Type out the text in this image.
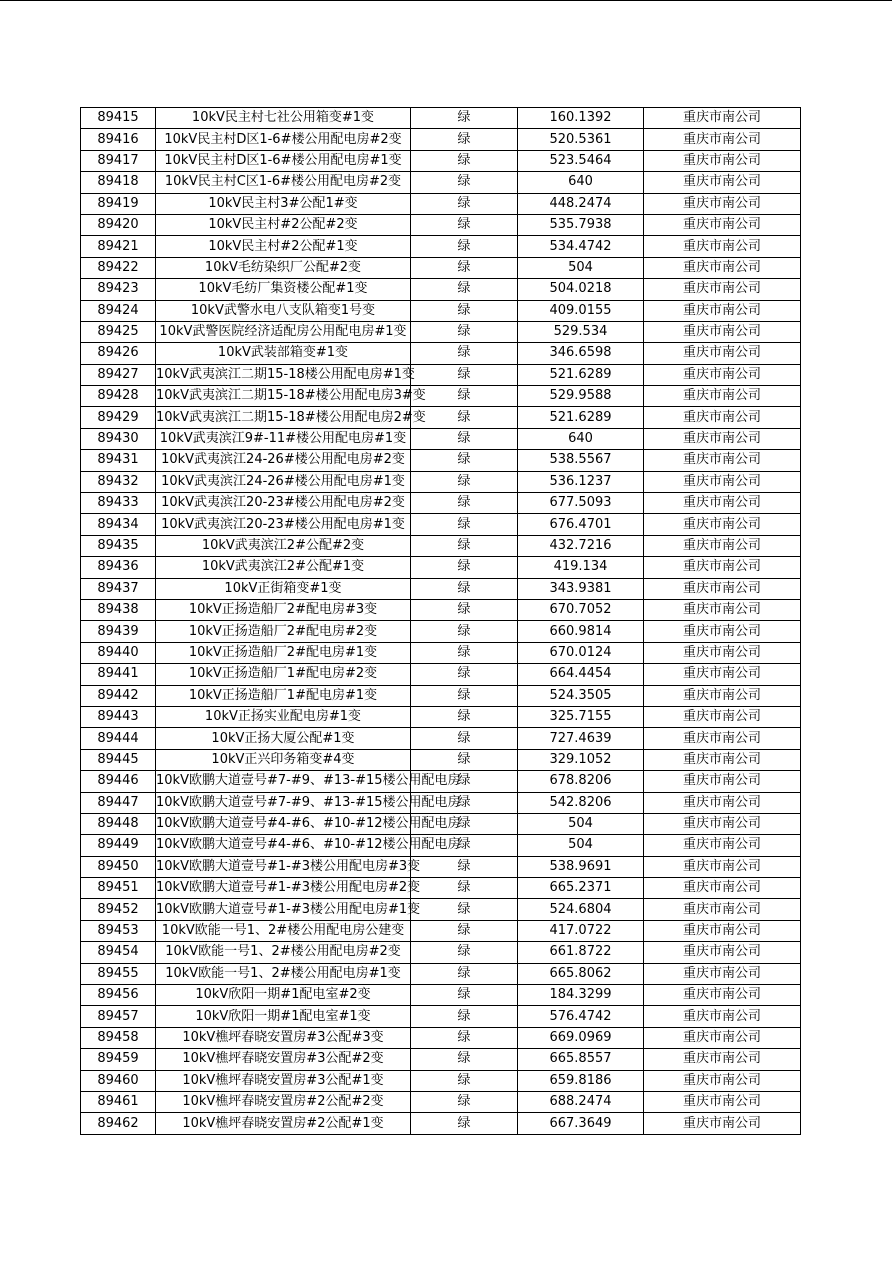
89415	10kV民主村七社公用箱变#1变	绿	160.1392	重庆市南公司
89416	10kV民主村D区1-6#楼公用配电房#2变	绿	520.5361	重庆市南公司
89417	10kV民主村D区1-6#楼公用配电房#1变	绿	523.5464	重庆市南公司
89418	10kV民主村C区1-6#楼公用配电房#2变	绿	640	重庆市南公司
89419	10kV民主村3#公配1#变	绿	448.2474	重庆市南公司
89420	10kV民主村#2公配#2变	绿	535.7938	重庆市南公司
89421	10kV民主村#2公配#1变	绿	534.4742	重庆市南公司
89422	10kV毛纺染织厂公配#2变	绿	504	重庆市南公司
89423	10kV毛纺厂集资楼公配#1变	绿	504.0218	重庆市南公司
89424	10kV武警水电八支队箱变1号变	绿	409.0155	重庆市南公司
89425	10kV武警医院经济适配房公用配电房#1变	绿	529.534	重庆市南公司
89426	10kV武装部箱变#1变	绿	346.6598	重庆市南公司
89427	10kV武夷滨江二期15-18楼公用配电房#1变	绿	521.6289	重庆市南公司
89428	10kV武夷滨江二期15-18#楼公用配电房3#变	绿	529.9588	重庆市南公司
89429	10kV武夷滨江二期15-18#楼公用配电房2#变	绿	521.6289	重庆市南公司
89430	10kV武夷滨江9#-11#楼公用配电房#1变	绿	640	重庆市南公司
89431	10kV武夷滨江24-26#楼公用配电房#2变	绿	538.5567	重庆市南公司
89432	10kV武夷滨江24-26#楼公用配电房#1变	绿	536.1237	重庆市南公司
89433	10kV武夷滨江20-23#楼公用配电房#2变	绿	677.5093	重庆市南公司
89434	10kV武夷滨江20-23#楼公用配电房#1变	绿	676.4701	重庆市南公司
89435	10kV武夷滨江2#公配#2变	绿	432.7216	重庆市南公司
89436	10kV武夷滨江2#公配#1变	绿	419.134	重庆市南公司
89437	10kV正街箱变#1变	绿	343.9381	重庆市南公司
89438	10kV正扬造船厂2#配电房#3变	绿	670.7052	重庆市南公司
89439	10kV正扬造船厂2#配电房#2变	绿	660.9814	重庆市南公司
89440	10kV正扬造船厂2#配电房#1变	绿	670.0124	重庆市南公司
89441	10kV正扬造船厂1#配电房#2变	绿	664.4454	重庆市南公司
89442	10kV正扬造船厂1#配电房#1变	绿	524.3505	重庆市南公司
89443	10kV正扬实业配电房#1变	绿	325.7155	重庆市南公司
89444	10kV正扬大厦公配#1变	绿	727.4639	重庆市南公司
89445	10kV正兴印务箱变#4变	绿	329.1052	重庆市南公司
89446	10kV欧鹏大道壹号#7-#9、#13-#15楼公用配电房	绿	678.8206	重庆市南公司
89447	10kV欧鹏大道壹号#7-#9、#13-#15楼公用配电房	绿	542.8206	重庆市南公司
89448	10kV欧鹏大道壹号#4-#6、#10-#12楼公用配电房	绿	504	重庆市南公司
89449	10kV欧鹏大道壹号#4-#6、#10-#12楼公用配电房	绿	504	重庆市南公司
89450	10kV欧鹏大道壹号#1-#3楼公用配电房#3变	绿	538.9691	重庆市南公司
89451	10kV欧鹏大道壹号#1-#3楼公用配电房#2变	绿	665.2371	重庆市南公司
89452	10kV欧鹏大道壹号#1-#3楼公用配电房#1变	绿	524.6804	重庆市南公司
89453	10kV欧能一号1、2#楼公用配电房公建变	绿	417.0722	重庆市南公司
89454	10kV欧能一号1、2#楼公用配电房#2变	绿	661.8722	重庆市南公司
89455	10kV欧能一号1、2#楼公用配电房#1变	绿	665.8062	重庆市南公司
89456	10kV欣阳一期#1配电室#2变	绿	184.3299	重庆市南公司
89457	10kV欣阳一期#1配电室#1变	绿	576.4742	重庆市南公司
89458	10kV樵坪春晓安置房#3公配#3变	绿	669.0969	重庆市南公司
89459	10kV樵坪春晓安置房#3公配#2变	绿	665.8557	重庆市南公司
89460	10kV樵坪春晓安置房#3公配#1变	绿	659.8186	重庆市南公司
89461	10kV樵坪春晓安置房#2公配#2变	绿	688.2474	重庆市南公司
89462	10kV樵坪春晓安置房#2公配#1变	绿	667.3649	重庆市南公司
